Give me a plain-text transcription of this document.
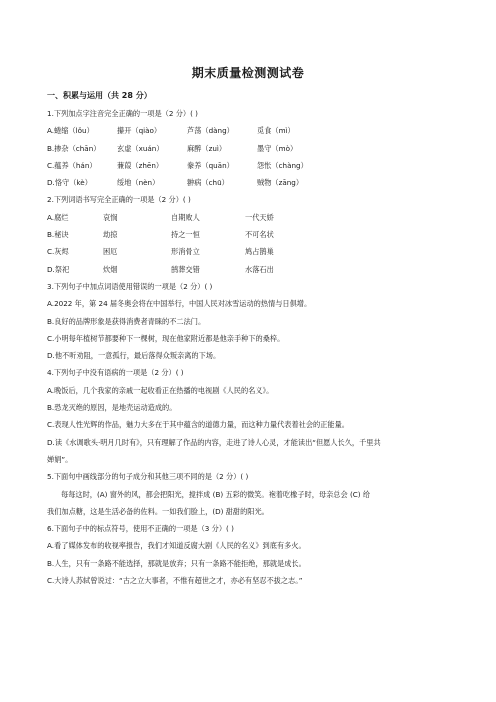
期末质量检测测试卷
一、积累与运用（共 28 分）
1.下列加点字注音完全正确的一项是（2 分）( )
A.蜷缩（lǒu）	攥开（qiào）	芦荡（dàng）	觅食（mì）
B.掺杂（chān）	玄虚（xuán）	麻醉（zuì）	墨守（mò）
C.蕴养（hán）	蒹葭（zhēn）	豢养（quān）	怨怅（chàng）
D.恪守（kè）	绥地（nèn）	翀病（chū）	贼物（zāng）
2.下列词语书写完全正确的一项是（2 分）( )
A.腐烂	哀悯	自期败人	一代天娇
B.秘诀	劫掠	持之一恒	不可名状
C.灰烬	困厄	形消骨立	鸠占鹊巢
D.祭祀	炊烟	鹄葬交错	水落石出
3.下列句子中加点词语使用错误的一项是（2 分）( )
A.2022 年，第 24 届冬奥会将在中国举行，中国人民对冰雪运动的热情与日俱增。
B.良好的品牌形象是获得消费者青睐的不二法门。
C.小明每年植树节都要种下一棵树，现在他家附近都是他亲手种下的桑梓。
D.他不听劝阻，一意孤行，最后落得众叛亲离的下场。
4.下列句子中没有语病的一项是（2 分）( )
A.晚饭后，几个我家的亲戚一起收看正在热播的电视剧《人民的名义》。
B.恐龙灭绝的原因，是地壳运动造成的。
C.表现人性光辉的作品，魅力大多在于其中蕴含的道德力量，而这种力量代表着社会的正能量。
D.读《水调歌头·明月几时有》，只有理解了作品的内容，走进了诗人心灵，才能读出“但愿人长久，千里共
婵娟”。
5.下面句中画线部分的句子成分和其他三项不同的是（2 分）( )
每每这时，(A) 窗外的风，都会把阳光，搅拌成 (B) 五彩的微笑。袍着吃橡子时，母亲总会 (C) 给
我们加点糖，这是生活必备的佐料。一如我们脸上，(D) 甜甜的阳光。
6.下面句子中的标点符号，使用不正确的一项是（3 分）( )
A.看了媒体发布的收视率报告，我们才知道反腐大剧《人民的名义》到底有多火。
B.人生，只有一条路不能选择，那就是放弃；只有一条路不能拒绝，那就是成长。
C.大诗人苏轼曾说过：“古之立大事者，不惟有超世之才，亦必有坚忍不拔之志。”
